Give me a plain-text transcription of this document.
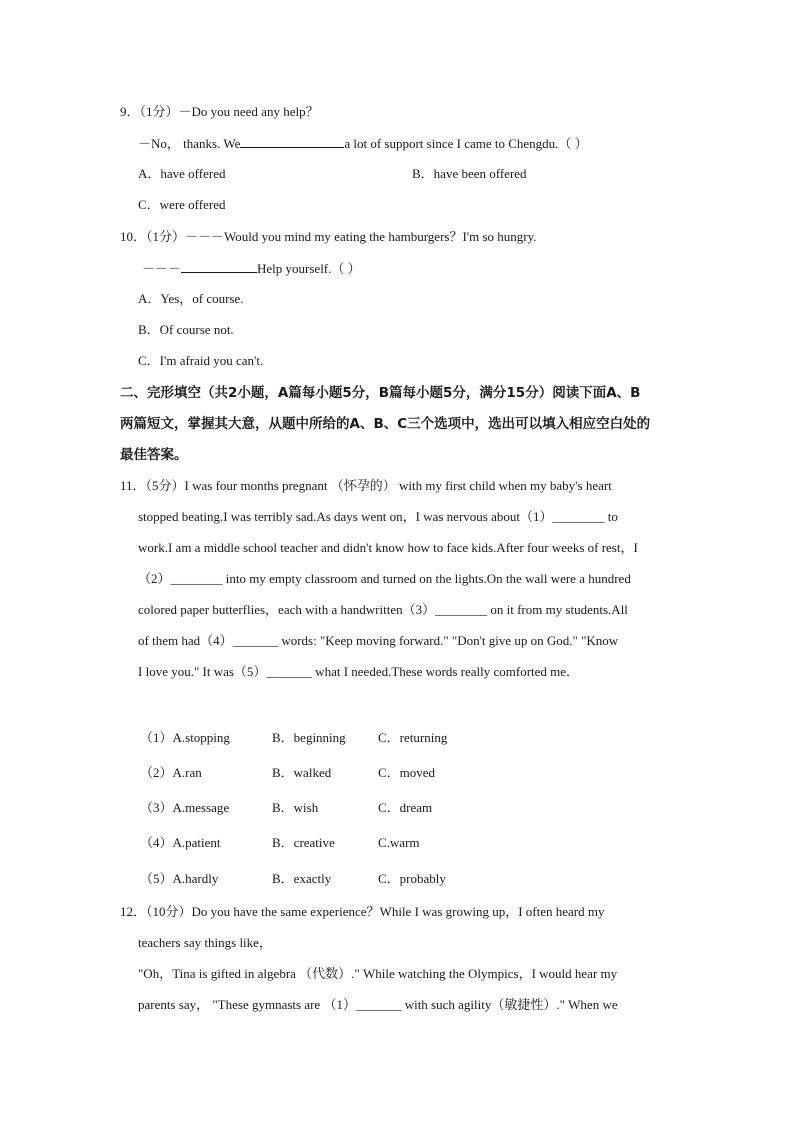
9．（1分）－Do you need any help？
－No， thanks. We	a lot of support since I came to Chengdu.（ ）
A．have offered	B．have been offered
C．were offered
10．（1分）－－－Would you mind my eating the hamburgers？I'm so hungry.
－－－	Help yourself.（ ）
A．Yes，of course.
B．Of course not.
C．I'm afraid you can't.
二、完形填空（共2小题，A篇每小题5分，B篇每小题5分，满分15分）阅读下面A、B
两篇短文，掌握其大意，从题中所给的A、B、C三个选项中，选出可以填入相应空白处的
最佳答案。
11．（5分）I was four months pregnant （怀孕的） with my first child when my baby's heart
stopped beating.I was terribly sad.As days went on，I was nervous about（1）________ to
work.I am a middle school teacher and didn't know how to face kids.After four weeks of rest，I
（2）________ into my empty classroom and turned on the lights.On the wall were a hundred
colored paper butterflies，each with a handwritten（3）________ on it from my students.All
of them had（4）_______ words: "Keep moving forward." "Don't give up on God." "Know
I love you." It was（5）_______ what I needed.These words really comforted me．
（1）A.stopping	B．beginning C．returning
（2）A.ran	B．walked	C．moved
（3）A.message	B．wish	C．dream
（4）A.patient	B．creative	C.warm
（5）A.hardly	B．exactly	C．probably
12．（10分）Do you have the same experience？While I was growing up，I often heard my
teachers say things like，
"Oh，Tina is gifted in algebra （代数）." While watching the Olympics，I would hear my
parents say， "These gymnasts are （1）_______ with such agility（敏捷性）." When we
